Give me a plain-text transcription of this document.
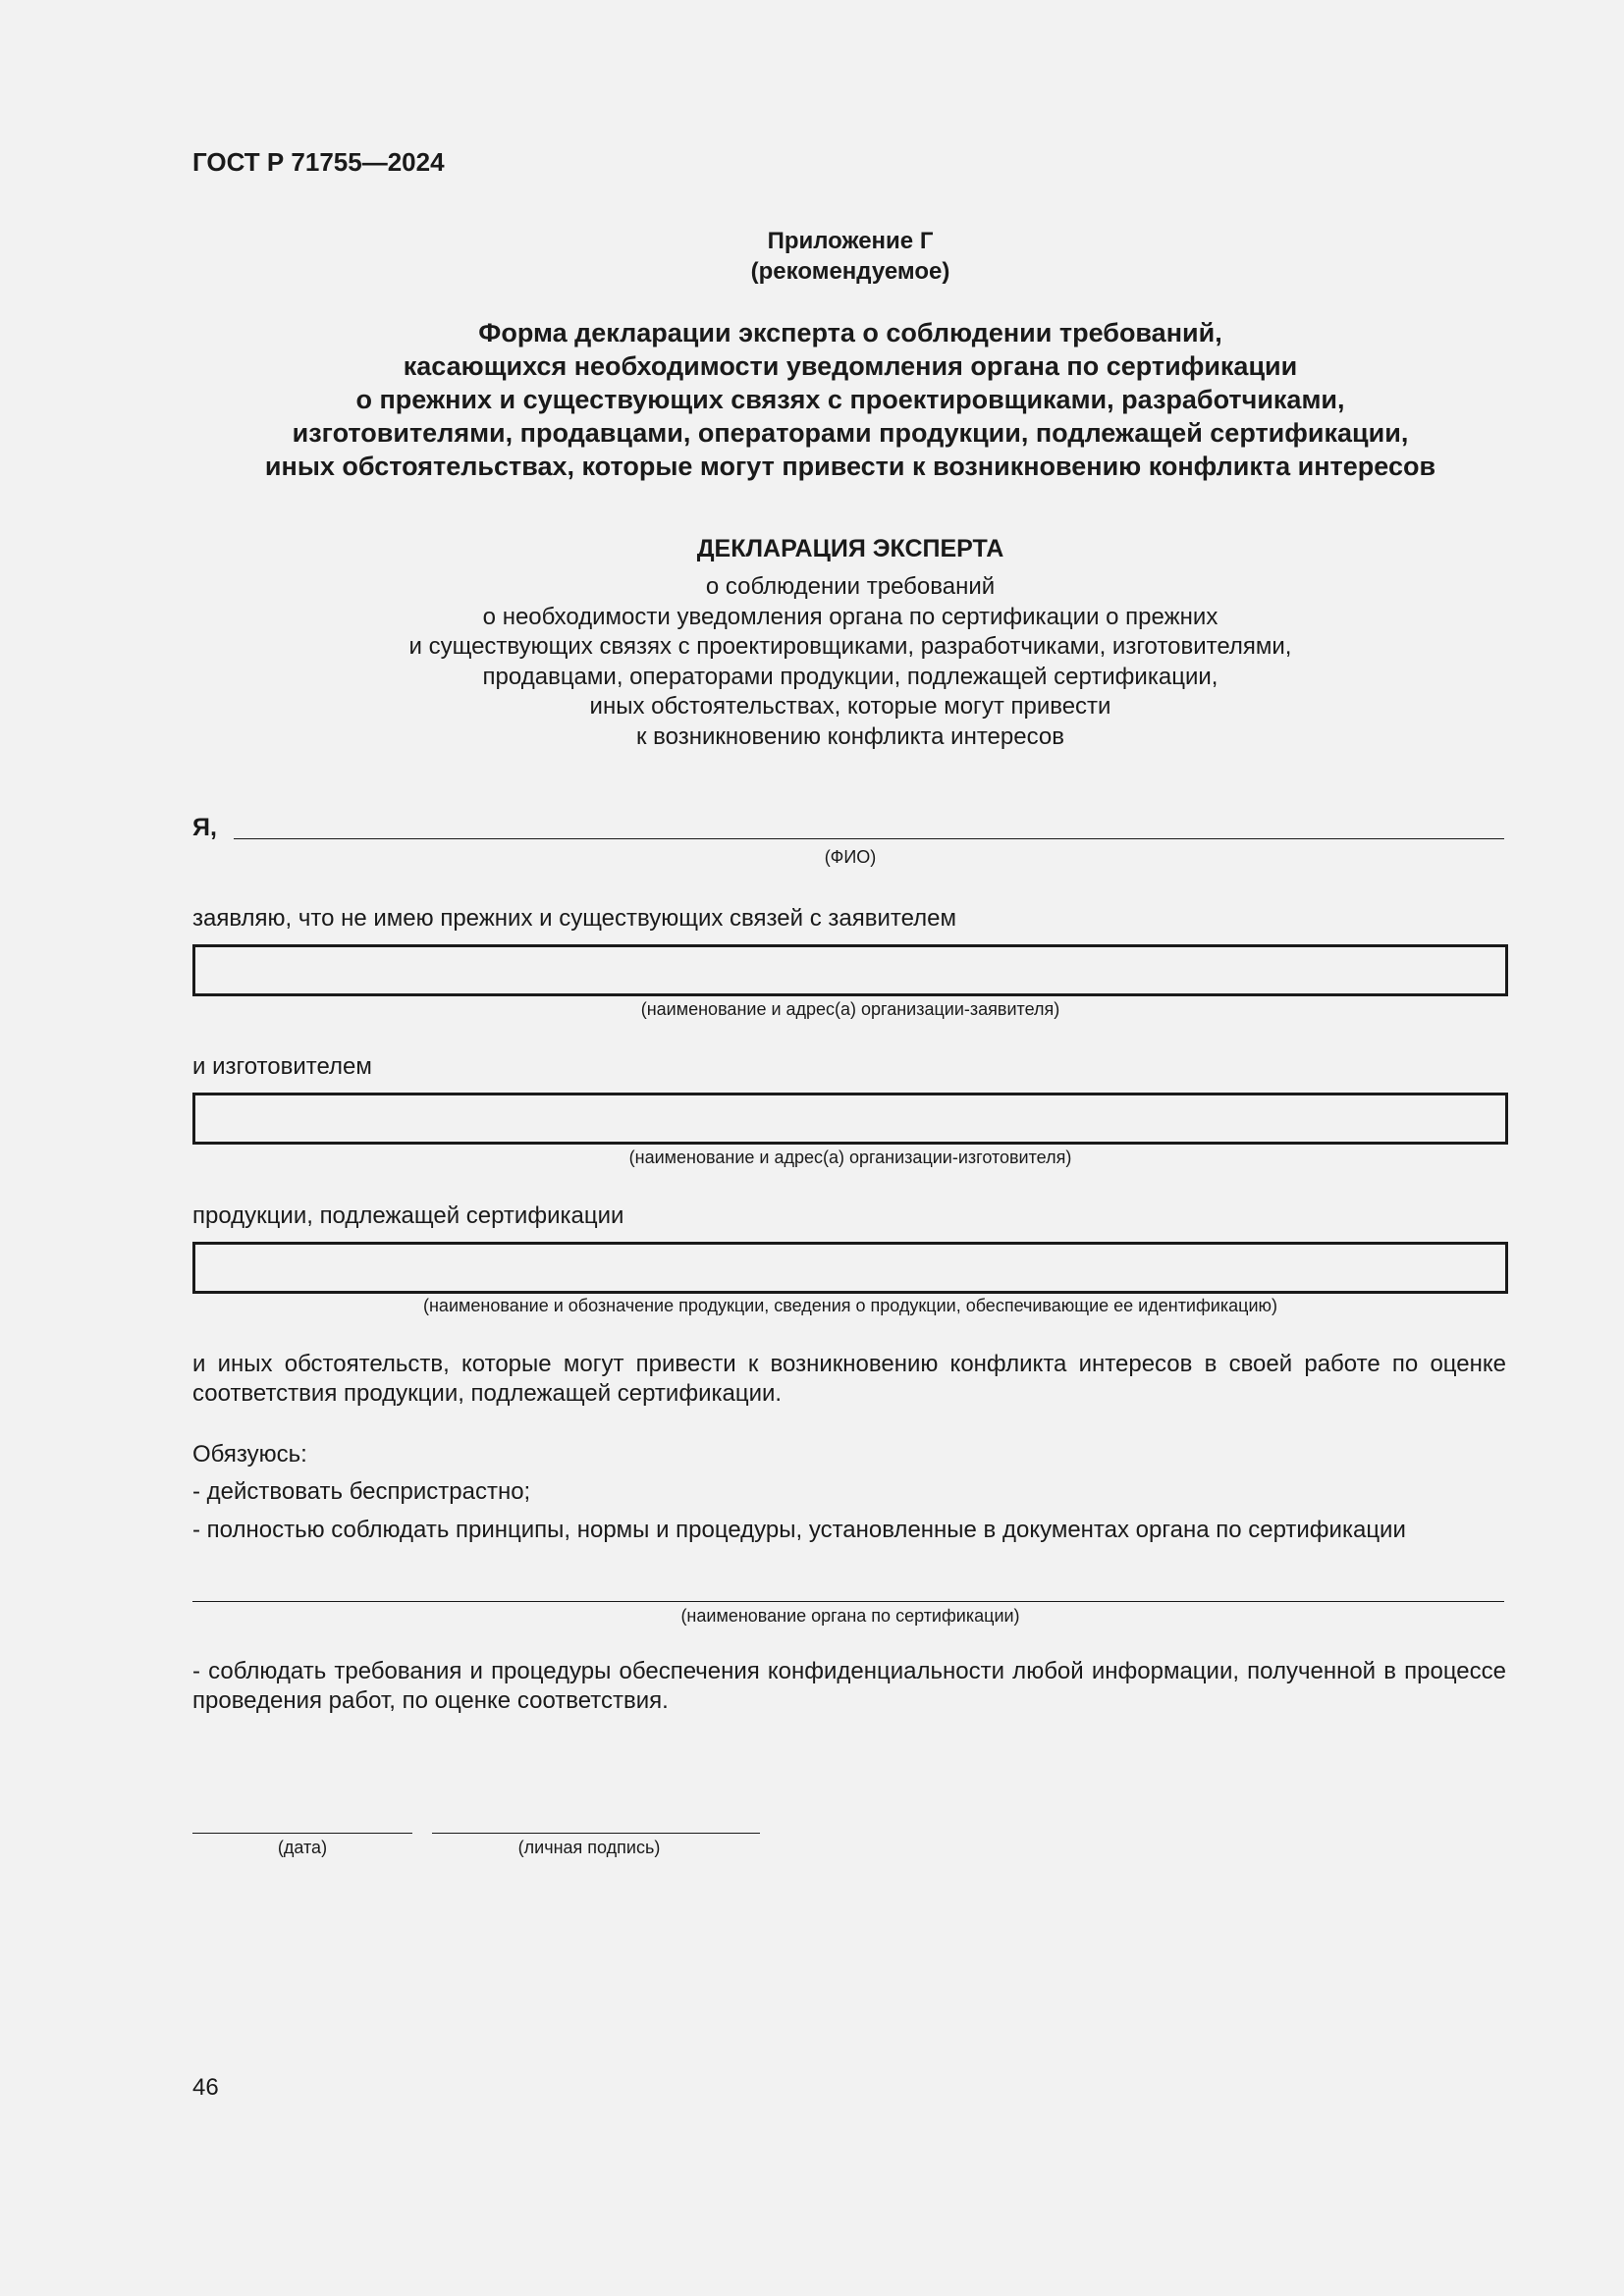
ГОСТ Р 71755—2024
Приложение Г
(рекомендуемое)
Форма декларации эксперта о соблюдении требований,
касающихся необходимости уведомления органа по сертификации
о прежних и существующих связях с проектировщиками, разработчиками,
изготовителями, продавцами, операторами продукции, подлежащей сертификации,
иных обстоятельствах, которые могут привести к возникновению конфликта интересов
ДЕКЛАРАЦИЯ ЭКСПЕРТА
о соблюдении требований
о необходимости уведомления органа по сертификации о прежних
и существующих связях с проектировщиками, разработчиками, изготовителями,
продавцами, операторами продукции, подлежащей сертификации,
иных обстоятельствах, которые могут привести
к возникновению конфликта интересов
Я,
(ФИО)
заявляю, что не имею прежних и существующих связей с заявителем
(наименование и адрес(а) организации-заявителя)
и изготовителем
(наименование и адрес(а) организации-изготовителя)
продукции, подлежащей сертификации
(наименование и обозначение продукции, сведения о продукции, обеспечивающие ее идентификацию)
и иных обстоятельств, которые могут привести к возникновению конфликта интересов в своей работе по оценке соответствия продукции, подлежащей сертификации.
Обязуюсь:
- действовать беспристрастно;
- полностью соблюдать принципы, нормы и процедуры, установленные в документах органа по сертификации
(наименование органа по сертификации)
- соблюдать требования и процедуры обеспечения конфиденциальности любой информации, полученной в процессе проведения работ, по оценке соответствия.
(дата)	(личная подпись)
46
